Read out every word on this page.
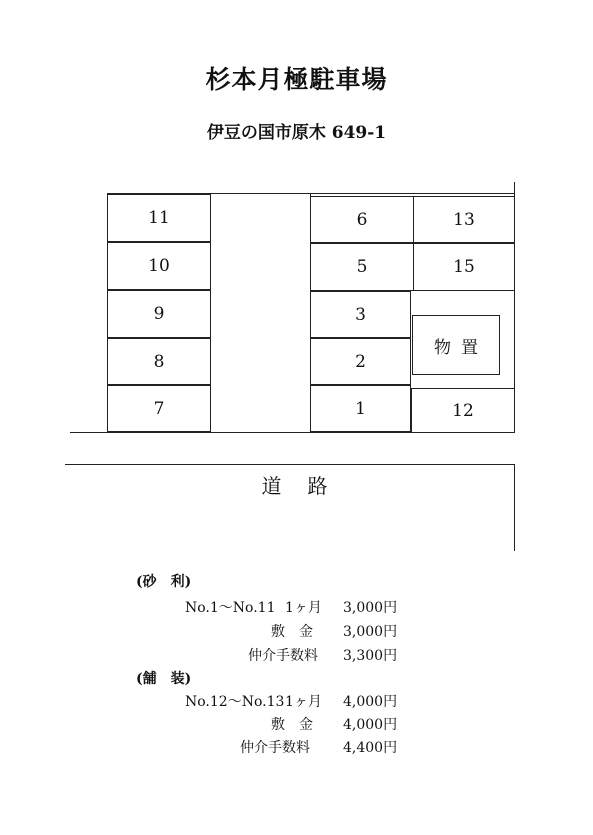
杉本月極駐車場
伊豆の国市原木 649-1
11
10
9
8
7
6
5
3
2
1
13
15
12
物置
道路
(砂　利)
No.1～No.11 1ヶ月 3,000円
敷　金 3,000円
仲介手数料 3,300円
(舗　装)
No.12～No.13 1ヶ月 4,000円
敷　金 4,000円
仲介手数料 4,400円
